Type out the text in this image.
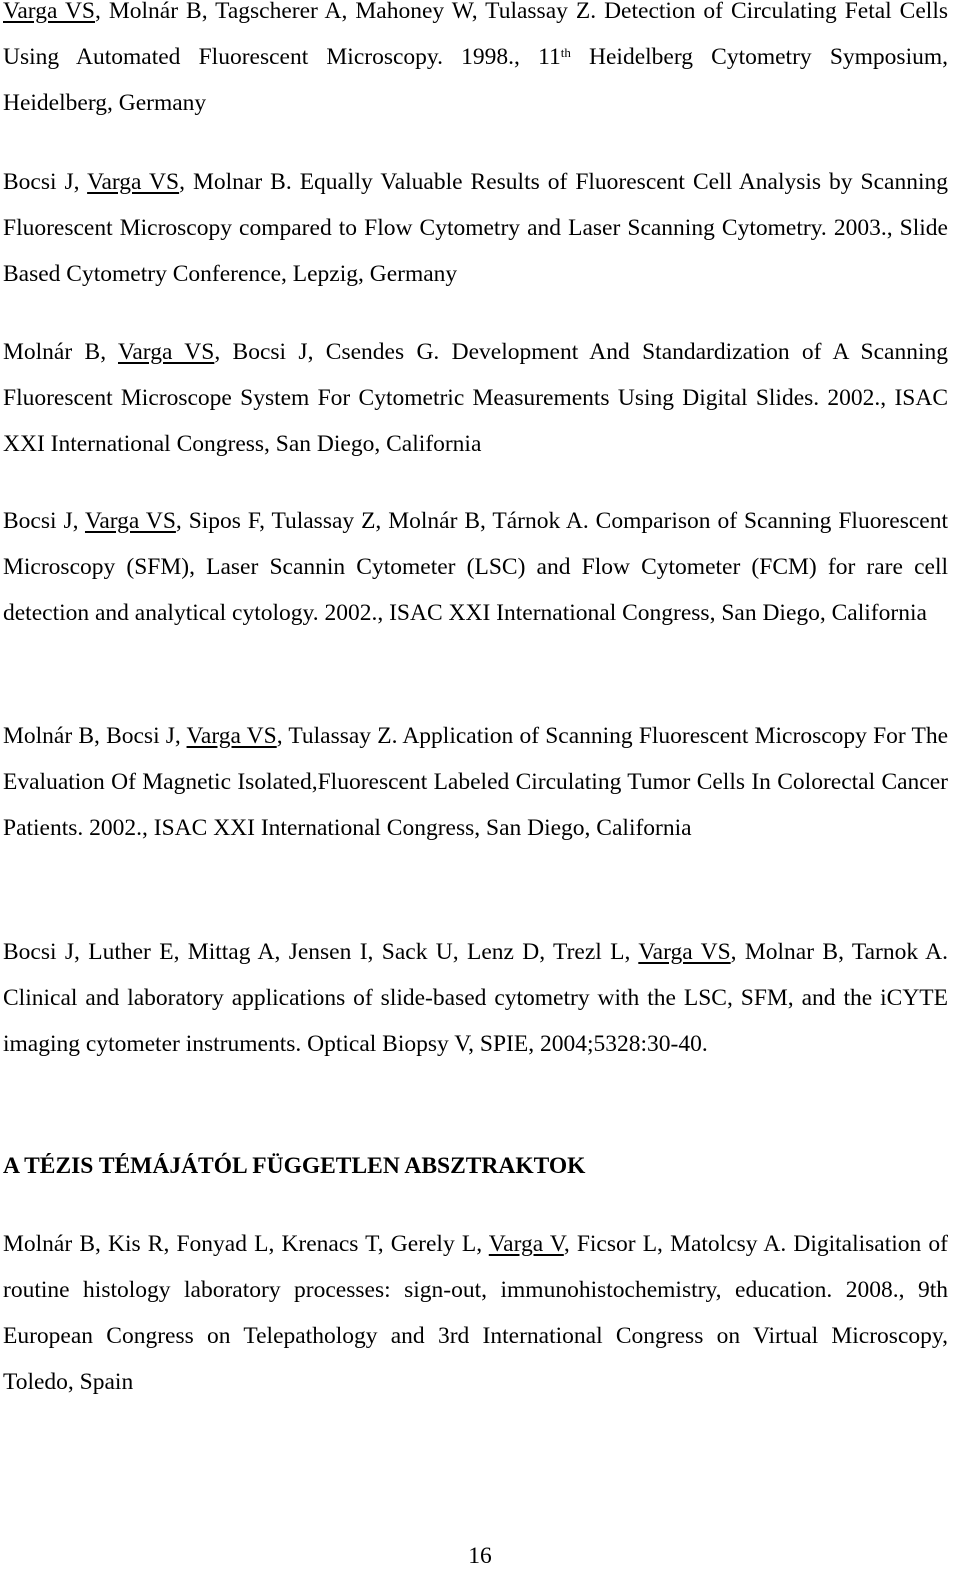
Varga VS, Molnár B, Tagscherer A, Mahoney W, Tulassay Z. Detection of Circulating Fetal Cells Using Automated Fluorescent Microscopy. 1998., 11th Heidelberg Cytometry Symposium, Heidelberg, Germany

Bocsi J, Varga VS, Molnar B. Equally Valuable Results of Fluorescent Cell Analysis by Scanning Fluorescent Microscopy compared to Flow Cytometry and Laser Scanning Cytometry. 2003., Slide Based Cytometry Conference, Lepzig, Germany

Molnár B, Varga VS, Bocsi J, Csendes G. Development And Standardization of A Scanning Fluorescent Microscope System For Cytometric Measurements Using Digital Slides. 2002., ISAC XXI International Congress, San Diego, California

Bocsi J, Varga VS, Sipos F, Tulassay Z, Molnár B, Tárnok A. Comparison of Scanning Fluorescent Microscopy (SFM), Laser Scannin Cytometer (LSC) and Flow Cytometer (FCM) for rare cell detection and analytical cytology. 2002., ISAC XXI International Congress, San Diego, California

Molnár B, Bocsi J, Varga VS, Tulassay Z. Application of Scanning Fluorescent Microscopy For The Evaluation Of Magnetic Isolated,Fluorescent Labeled Circulating Tumor Cells In Colorectal Cancer Patients. 2002., ISAC XXI International Congress, San Diego, California

Bocsi J, Luther E, Mittag A, Jensen I, Sack U, Lenz D, Trezl L, Varga VS, Molnar B, Tarnok A. Clinical and laboratory applications of slide-based cytometry with the LSC, SFM, and the iCYTE imaging cytometer instruments. Optical Biopsy V, SPIE, 2004;5328:30-40.

A TÉZIS TÉMÁJÁTÓL FÜGGETLEN ABSZTRAKTOK

Molnár B, Kis R, Fonyad L, Krenacs T, Gerely L, Varga V, Ficsor L, Matolcsy A. Digitalisation of routine histology laboratory processes: sign-out, immunohistochemistry, education. 2008., 9th European Congress on Telepathology and 3rd International Congress on Virtual Microscopy, Toledo, Spain

16
